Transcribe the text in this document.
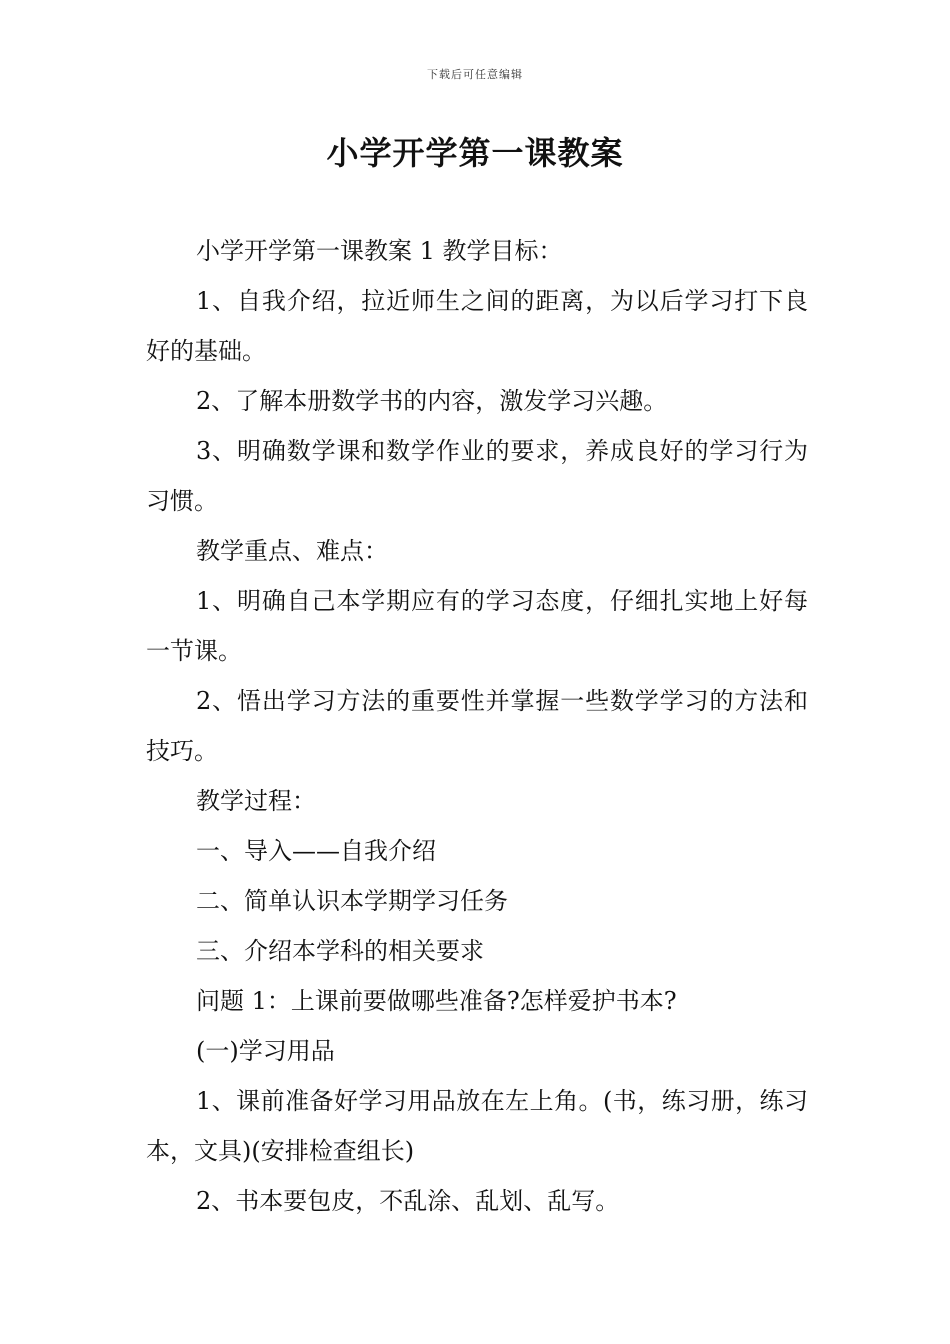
下载后可任意编辑
小学开学第一课教案

小学开学第一课教案 1 教学目标：

1、自我介绍，拉近师生之间的距离，为以后学习打下良好的基础。

2、了解本册数学书的内容，激发学习兴趣。

3、明确数学课和数学作业的要求，养成良好的学习行为习惯。

教学重点、难点：

1、明确自己本学期应有的学习态度，仔细扎实地上好每一节课。

2、悟出学习方法的重要性并掌握一些数学学习的方法和技巧。

教学过程：

一、导入——自我介绍

二、简单认识本学期学习任务

三、介绍本学科的相关要求

问题 1：上课前要做哪些准备?怎样爱护书本?

(一)学习用品

1、课前准备好学习用品放在左上角。(书，练习册，练习本，文具)(安排检查组长)

2、书本要包皮，不乱涂、乱划、乱写。
